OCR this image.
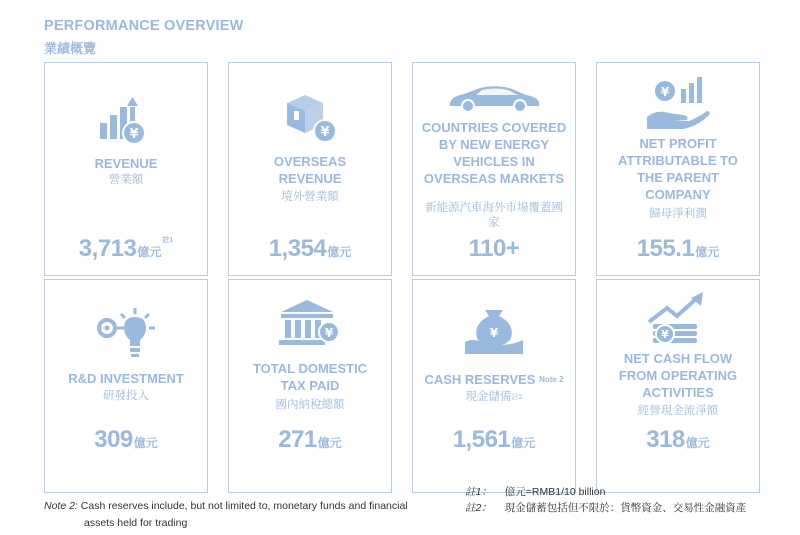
PERFORMANCE OVERVIEW
業績概覽
¥
REVENUE
營業額
3,713億元$^{註1}$
¥
OVERSEAS REVENUE
境外營業額
1,354億元
COUNTRIES COVERED BY NEW ENERGY VEHICLES IN OVERSEAS MARKETS
新能源汽車海外市場覆蓋國家
110+
¥
NET PROFIT ATTRIBUTABLE TO THE PARENT COMPANY
歸母淨利潤
155.1億元
R&D INVESTMENT
研發投入
309億元
¥
TOTAL DOMESTIC TAX PAID
國內納稅總額
271億元
¥
CASH RESERVES $^{Note 2}$
現金儲備$^{註2}$
1,561億元
¥
NET CASH FLOW FROM OPERATING ACTIVITIES
經營現金流淨額
318億元
Note 2: Cash reserves include, but not limited to, monetary funds and financial
assets held for trading
註1： 億元=RMB1/10 billion
註2： 現金儲蓄包括但不限於：貨幣資金、交易性金融資產
